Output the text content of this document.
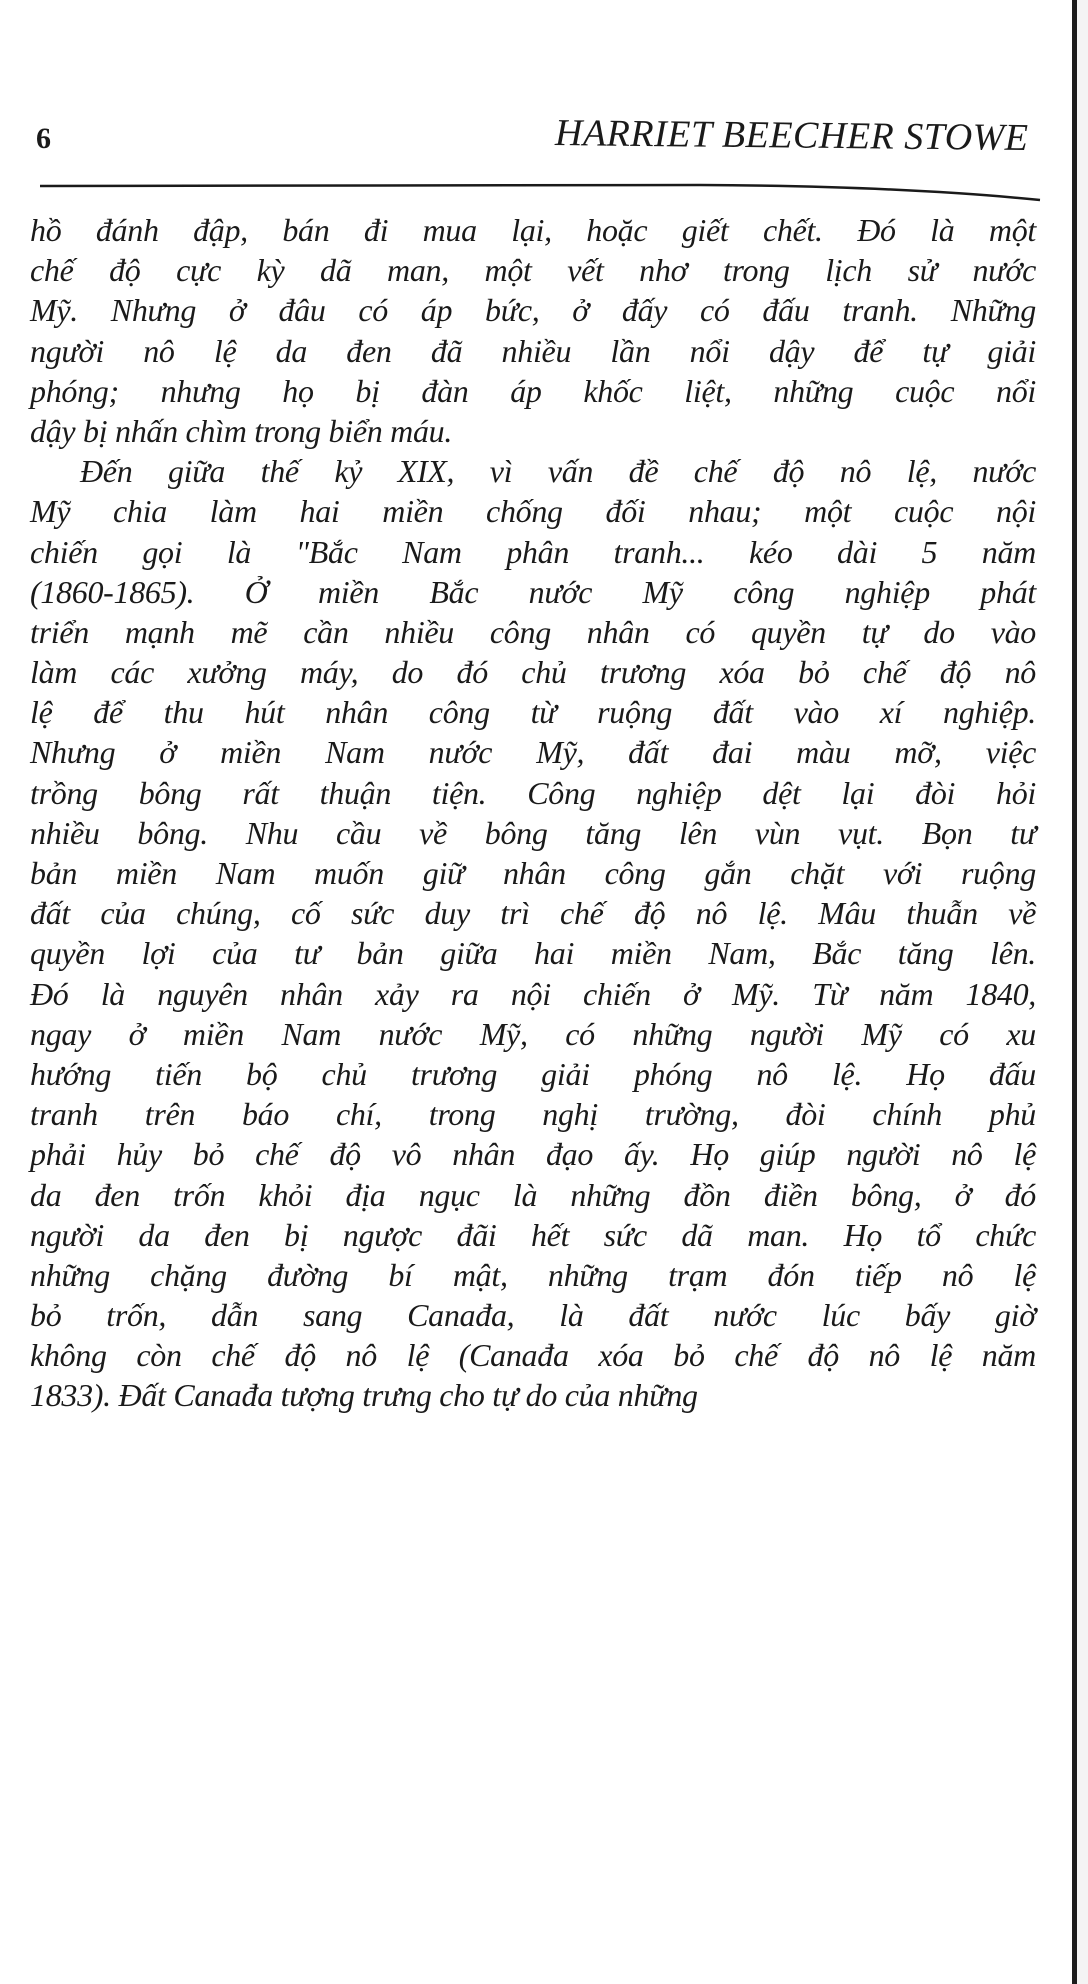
6	HARRIET BEECHER STOWE
hồ đánh đập, bán đi mua lại, hoặc giết chết. Đó là một
chế độ cực kỳ dã man, một vết nhơ trong lịch sử nước
Mỹ. Nhưng ở đâu có áp bức, ở đấy có đấu tranh. Những
người nô lệ da đen đã nhiều lần nổi dậy để tự giải
phóng; nhưng họ bị đàn áp khốc liệt, những cuộc nổi
dậy bị nhấn chìm trong biển máu.
Đến giữa thế kỷ XIX, vì vấn đề chế độ nô lệ, nước
Mỹ chia làm hai miền chống đối nhau; một cuộc nội
chiến gọi là "Bắc Nam phân tranh... kéo dài 5 năm
(1860-1865). Ở miền Bắc nước Mỹ công nghiệp phát
triển mạnh mẽ cần nhiều công nhân có quyền tự do vào
làm các xưởng máy, do đó chủ trương xóa bỏ chế độ nô
lệ để thu hút nhân công từ ruộng đất vào xí nghiệp.
Nhưng ở miền Nam nước Mỹ, đất đai màu mỡ, việc
trồng bông rất thuận tiện. Công nghiệp dệt lại đòi hỏi
nhiều bông. Nhu cầu về bông tăng lên vùn vụt. Bọn tư
bản miền Nam muốn giữ nhân công gắn chặt với ruộng
đất của chúng, cố sức duy trì chế độ nô lệ. Mâu thuẫn về
quyền lợi của tư bản giữa hai miền Nam, Bắc tăng lên.
Đó là nguyên nhân xảy ra nội chiến ở Mỹ. Từ năm 1840,
ngay ở miền Nam nước Mỹ, có những người Mỹ có xu
hướng tiến bộ chủ trương giải phóng nô lệ. Họ đấu
tranh trên báo chí, trong nghị trường, đòi chính phủ
phải hủy bỏ chế độ vô nhân đạo ấy. Họ giúp người nô lệ
da đen trốn khỏi địa ngục là những đồn điền bông, ở đó
người da đen bị ngược đãi hết sức dã man. Họ tổ chức
những chặng đường bí mật, những trạm đón tiếp nô lệ
bỏ trốn, dẫn sang Canađa, là đất nước lúc bấy giờ
không còn chế độ nô lệ (Canađa xóa bỏ chế độ nô lệ năm
1833). Đất Canađa tượng trưng cho tự do của những
